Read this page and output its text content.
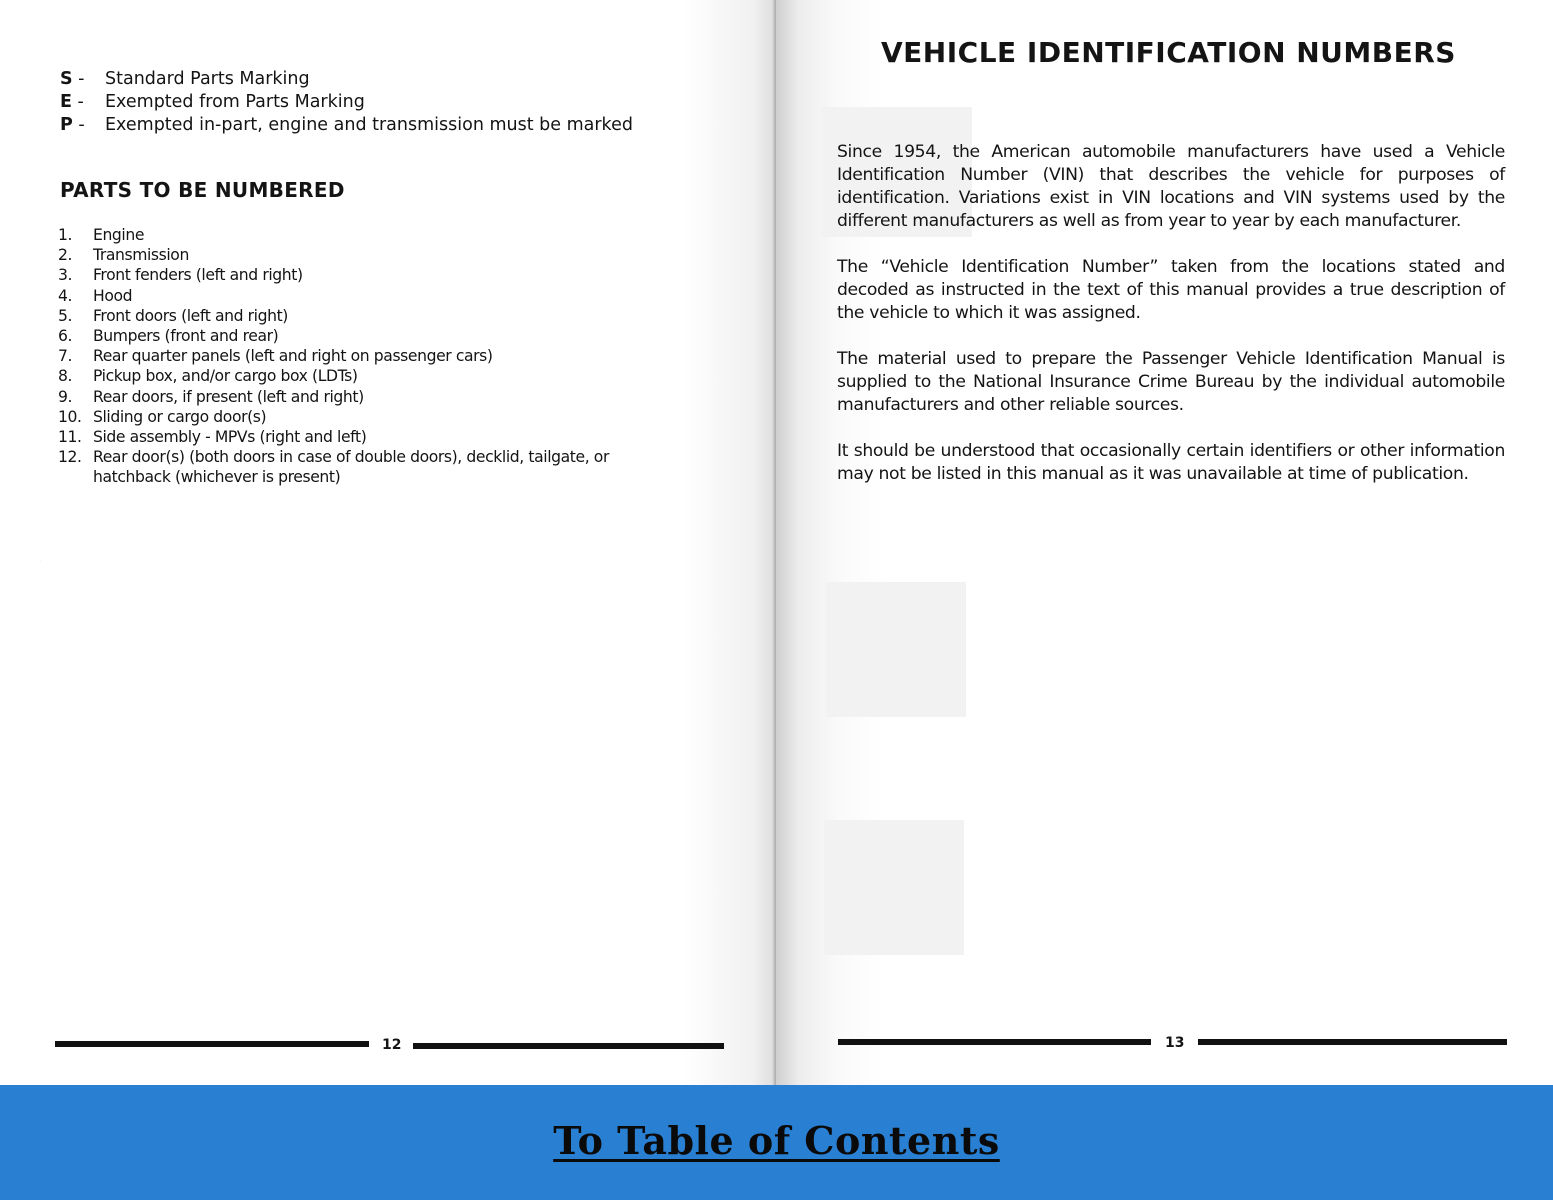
S -	Standard Parts Marking
E -	Exempted from Parts Marking
P -	Exempted in-part, engine and transmission must be marked
PARTS TO BE NUMBERED
1.	Engine
2.	Transmission
3.	Front fenders (left and right)
4.	Hood
5.	Front doors (left and right)
6.	Bumpers (front and rear)
7.	Rear quarter panels (left and right on passenger cars)
8.	Pickup box, and/or cargo box (LDTs)
9.	Rear doors, if present (left and right)
10. Sliding or cargo door(s)
11. Side assembly - MPVs (right and left)
12. Rear door(s) (both doors in case of double doors), decklid, tailgate, or hatchback (whichever is present)
12
VEHICLE IDENTIFICATION NUMBERS

Since 1954, the American automobile manufacturers have used a Vehicle Identification Number (VIN) that describes the vehicle for purposes of identification. Variations exist in VIN locations and VIN systems used by the different manufacturers as well as from year to year by each manufacturer.

The “Vehicle Identification Number” taken from the locations stated and decoded as instructed in the text of this manual provides a true description of the vehicle to which it was assigned.

The material used to prepare the Passenger Vehicle Identification Manual is supplied to the National Insurance Crime Bureau by the individual automobile manufacturers and other reliable sources.

It should be understood that occasionally certain identifiers or other information may not be listed in this manual as it was unavailable at time of publication.

13
To Table of Contents
